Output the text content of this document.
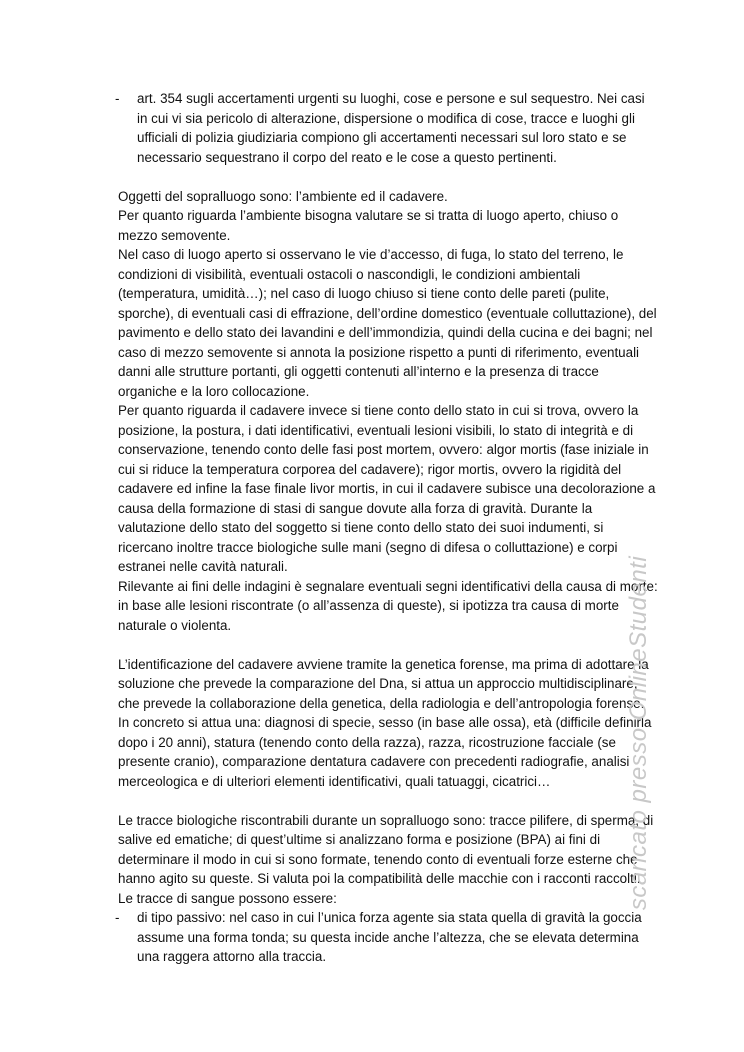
- art. 354 sugli accertamenti urgenti su luoghi, cose e persone e sul sequestro. Nei casi in cui vi sia pericolo di alterazione, dispersione o modifica di cose, tracce e luoghi gli ufficiali di polizia giudiziaria compiono gli accertamenti necessari sul loro stato e se necessario sequestrano il corpo del reato e le cose a questo pertinenti.

Oggetti del sopralluogo sono: l’ambiente ed il cadavere.

Per quanto riguarda l’ambiente bisogna valutare se si tratta di luogo aperto, chiuso o mezzo semovente.

Nel caso di luogo aperto si osservano le vie d’accesso, di fuga, lo stato del terreno, le condizioni di visibilità, eventuali ostacoli o nascondigli, le condizioni ambientali (temperatura, umidità…); nel caso di luogo chiuso si tiene conto delle pareti (pulite, sporche), di eventuali casi di effrazione, dell’ordine domestico (eventuale colluttazione), del pavimento e dello stato dei lavandini e dell’immondizia, quindi della cucina e dei bagni; nel caso di mezzo semovente si annota la posizione rispetto a punti di riferimento, eventuali danni alle strutture portanti, gli oggetti contenuti all’interno e la presenza di tracce organiche e la loro collocazione.

Per quanto riguarda il cadavere invece si tiene conto dello stato in cui si trova, ovvero la posizione, la postura, i dati identificativi, eventuali lesioni visibili, lo stato di integrità e di conservazione, tenendo conto delle fasi post mortem, ovvero: algor mortis (fase iniziale in cui si riduce la temperatura corporea del cadavere); rigor mortis, ovvero la rigidità del cadavere ed infine la fase finale livor mortis, in cui il cadavere subisce una decolorazione a causa della formazione di stasi di sangue dovute alla forza di gravità. Durante la valutazione dello stato del soggetto si tiene conto dello stato dei suoi indumenti, si ricercano inoltre tracce biologiche sulle mani (segno di difesa o colluttazione) e corpi estranei nelle cavità naturali.

Rilevante ai fini delle indagini è segnalare eventuali segni identificativi della causa di morte: in base alle lesioni riscontrate (o all’assenza di queste), si ipotizza tra causa di morte naturale o violenta.

L’identificazione del cadavere avviene tramite la genetica forense, ma prima di adottare la soluzione che prevede la comparazione del Dna, si attua un approccio multidisciplinare, che prevede la collaborazione della genetica, della radiologia e dell’antropologia forense.

In concreto si attua una: diagnosi di specie, sesso (in base alle ossa), età (difficile definirla dopo i 20 anni), statura (tenendo conto della razza), razza, ricostruzione facciale (se presente cranio), comparazione dentatura cadavere con precedenti radiografie, analisi merceologica e di ulteriori elementi identificativi, quali tatuaggi, cicatrici…

Le tracce biologiche riscontrabili durante un sopralluogo sono: tracce pilifere, di sperma, di salive ed ematiche; di quest’ultime si analizzano forma e posizione (BPA) ai fini di determinare il modo in cui si sono formate, tenendo conto di eventuali forze esterne che hanno agito su queste. Si valuta poi la compatibilità delle macchie con i racconti raccolti.

Le tracce di sangue possono essere:

- di tipo passivo: nel caso in cui l’unica forza agente sia stata quella di gravità la goccia assume una forma tonda; su questa incide anche l’altezza, che se elevata determina una raggera attorno alla traccia.

scaricato presso OnlineStudenti
